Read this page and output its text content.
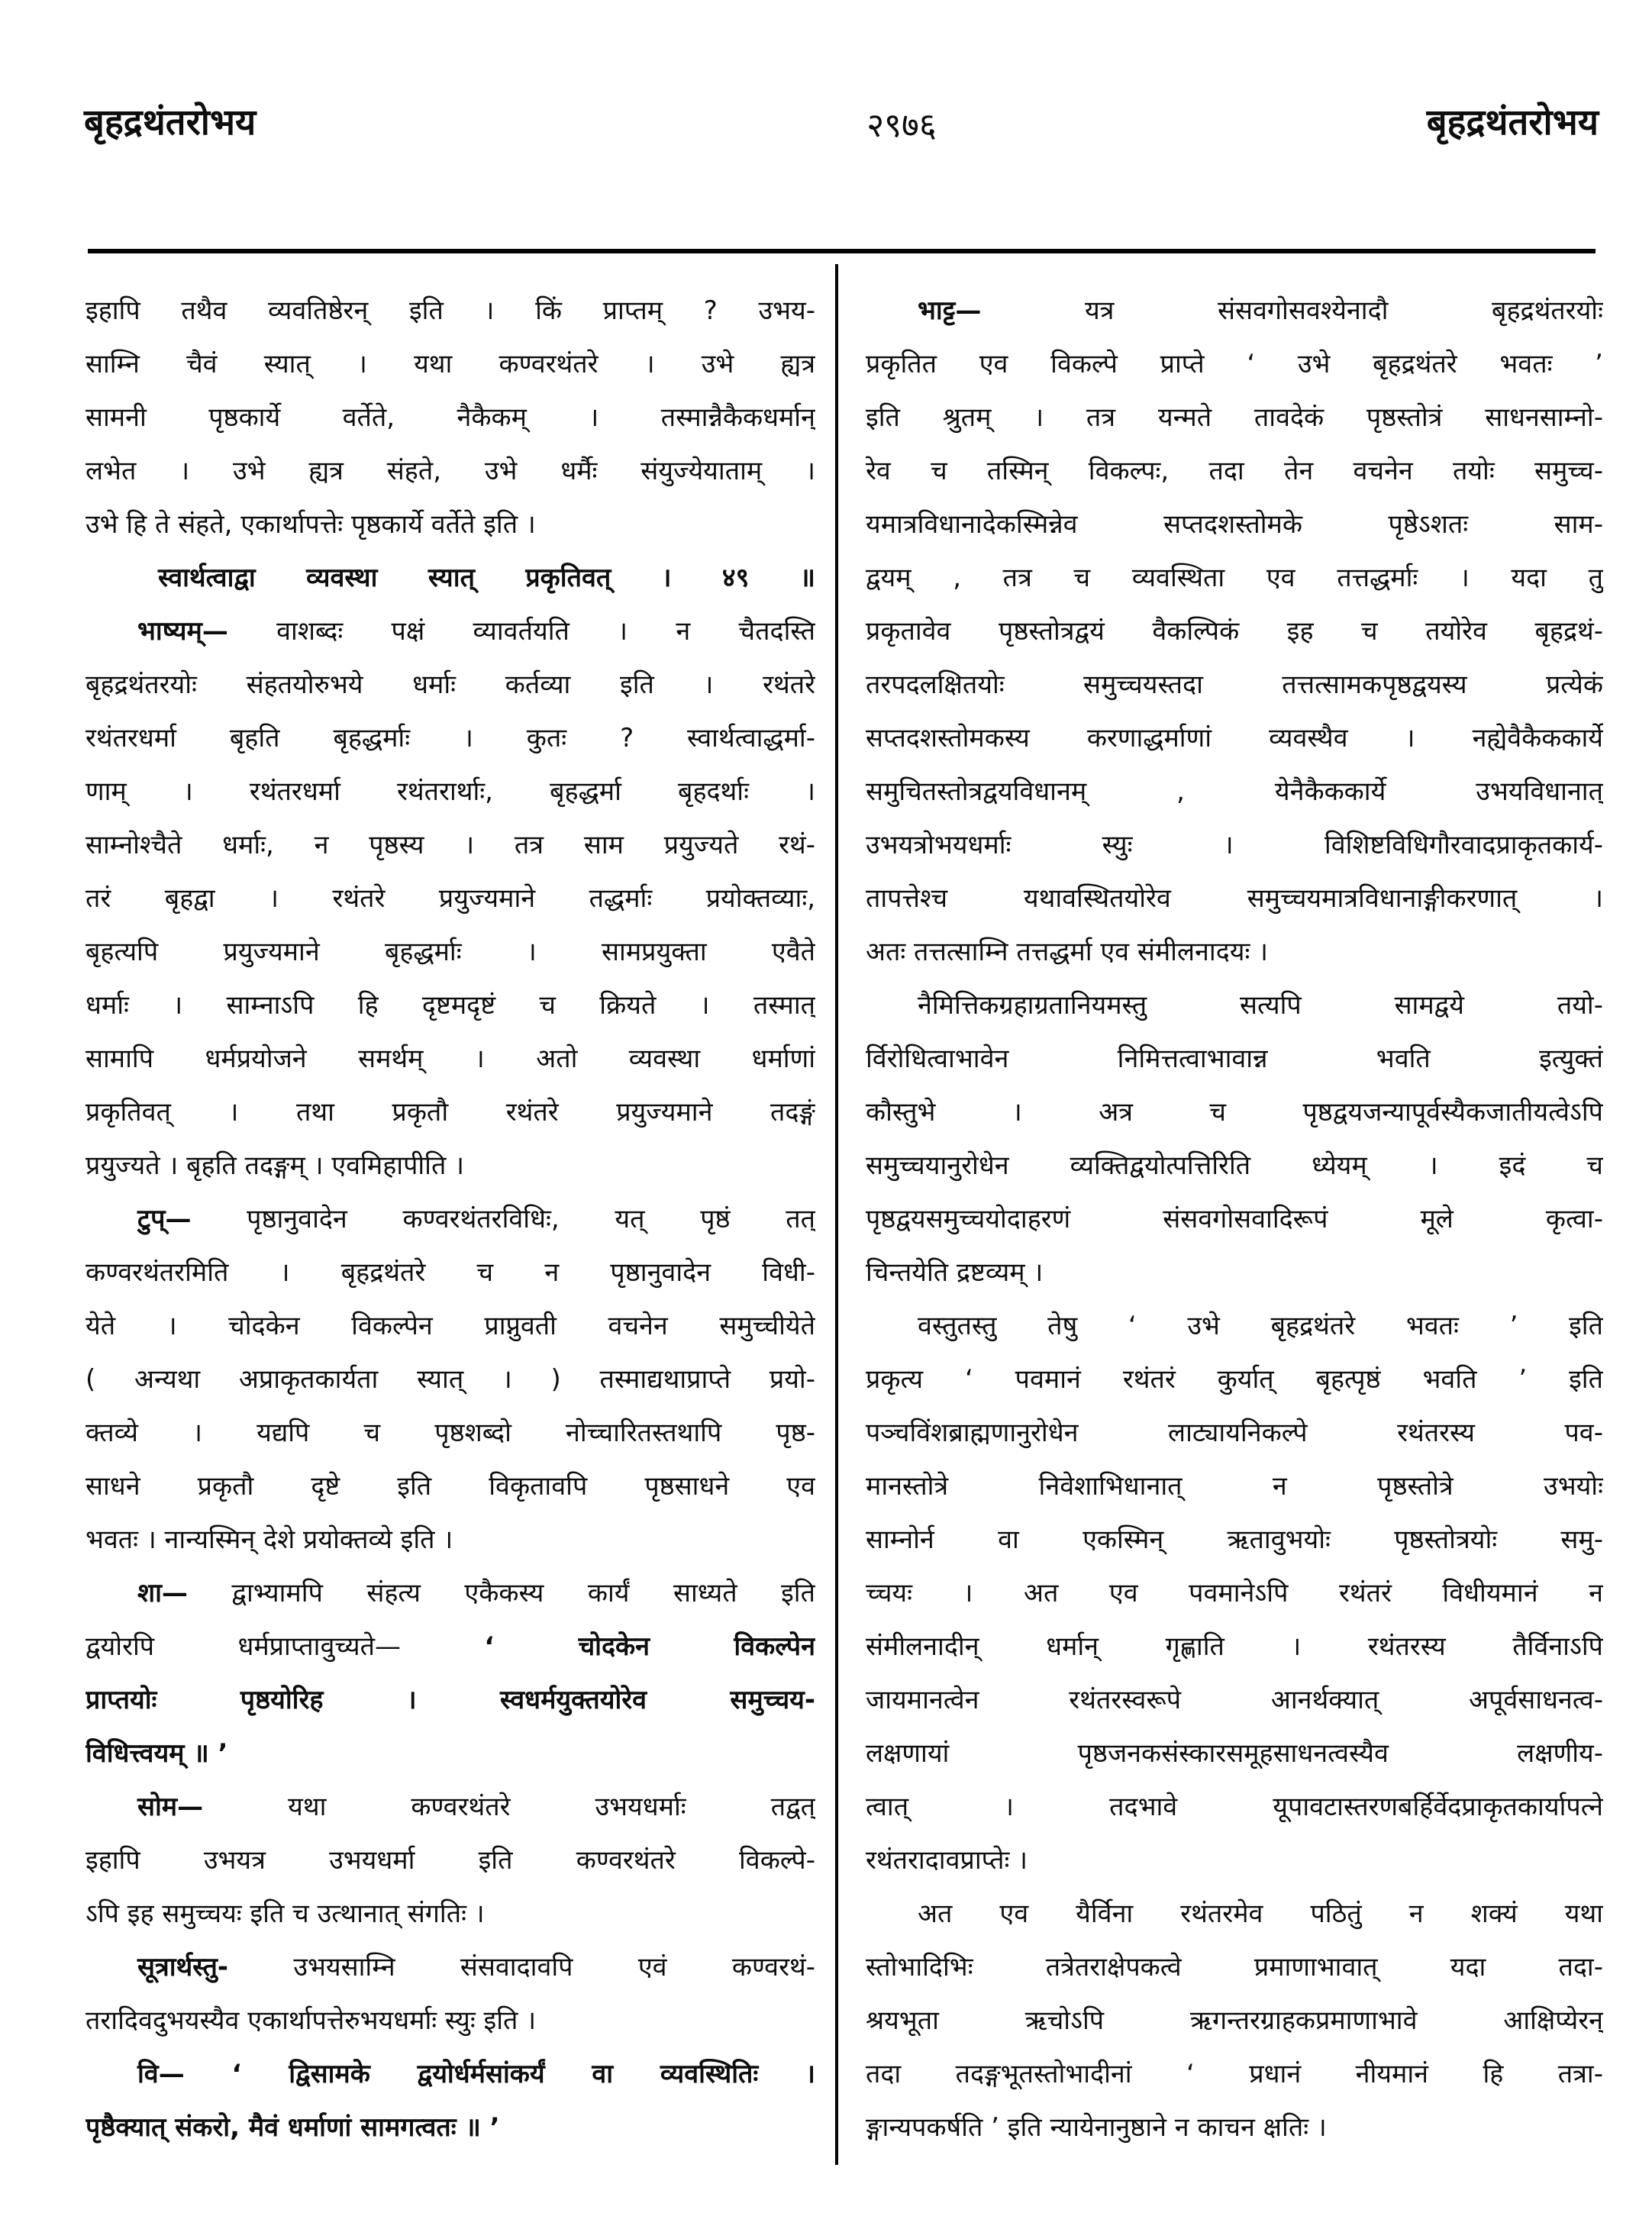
बृहद्रथंतरोभय	२९७६	बृहद्रथंतरोभय
इहापि तथैव व्यवतिष्ठेरन् इति । किं प्राप्तम् ? उभय-
साम्नि चैवं स्यात् । यथा कण्वरथंतरे । उभे ह्यत्र
सामनी पृष्ठकार्ये वर्तेते, नैकैकम् । तस्मान्नैकैकधर्मान्
लभेत । उभे ह्यत्र संहते, उभे धर्मैः संयुज्येयाताम् ।
उभे हि ते संहते, एकार्थापत्तेः पृष्ठकार्ये वर्तेते इति ।
स्वार्थत्वाद्वा व्यवस्था स्यात् प्रकृतिवत् । ४९ ॥
भाष्यम्— वाशब्दः पक्षं व्यावर्तयति । न चैतदस्ति
बृहद्रथंतरयोः संहतयोरुभये धर्माः कर्तव्या इति । रथंतरे
रथंतरधर्मा बृहति बृहद्धर्माः । कुतः ? स्वार्थत्वाद्धर्मा-
णाम् । रथंतरधर्मा रथंतरार्थाः, बृहद्धर्मा बृहदर्थाः ।
साम्नोश्चैते धर्माः, न पृष्ठस्य । तत्र साम प्रयुज्यते रथं-
तरं बृहद्वा । रथंतरे प्रयुज्यमाने तद्धर्माः प्रयोक्तव्याः,
बृहत्यपि प्रयुज्यमाने बृहद्धर्माः । सामप्रयुक्ता एवैते
धर्माः । साम्नाऽपि हि दृष्टमदृष्टं च क्रियते । तस्मात्
सामापि धर्मप्रयोजने समर्थम् । अतो व्यवस्था धर्माणां
प्रकृतिवत् । तथा प्रकृतौ रथंतरे प्रयुज्यमाने तदङ्गं
प्रयुज्यते । बृहति तदङ्गम् । एवमिहापीति ।
टुप्— पृष्ठानुवादेन कण्वरथंतरविधिः, यत् पृष्ठं तत्
कण्वरथंतरमिति । बृहद्रथंतरे च न पृष्ठानुवादेन विधी-
येते । चोदकेन विकल्पेन प्राप्नुवती वचनेन समुच्चीयेते
( अन्यथा अप्राकृतकार्यता स्यात् । ) तस्माद्यथाप्राप्ते प्रयो-
क्तव्ये । यद्यपि च पृष्ठशब्दो नोच्चारितस्तथापि पृष्ठ-
साधने प्रकृतौ दृष्टे इति विकृतावपि पृष्ठसाधने एव
भवतः । नान्यस्मिन् देशे प्रयोक्तव्ये इति ।
शा— द्वाभ्यामपि संहत्य एकैकस्य कार्यं साध्यते इति
द्वयोरपि धर्मप्राप्तावुच्यते— ‘ चोदकेन विकल्पेन
प्राप्तयोः पृष्ठयोरिह । स्वधर्मयुक्तयोरेव समुच्चय-
विधित्त्वयम् ॥ ’
सोम— यथा कण्वरथंतरे उभयधर्माः तद्वत्
इहापि उभयत्र उभयधर्मा इति कण्वरथंतरे विकल्पे-
ऽपि इह समुच्चयः इति च उत्थानात् संगतिः ।
सूत्रार्थस्तु- उभयसाम्नि संसवादावपि एवं कण्वरथं-
तरादिवदुभयस्यैव एकार्थापत्तेरुभयधर्माः स्युः इति ।
वि— ‘ द्विसामके द्वयोर्धर्मसांकर्यं वा व्यवस्थितिः ।
पृष्ठैक्यात् संकरो, मैवं धर्माणां सामगत्वतः ॥ ’
भाट्ट— यत्र संसवगोसवश्येनादौ बृहद्रथंतरयोः
प्रकृतित एव विकल्पे प्राप्ते ‘ उभे बृहद्रथंतरे भवतः ’
इति श्रुतम् । तत्र यन्मते तावदेकं पृष्ठस्तोत्रं साधनसाम्नो-
रेव च तस्मिन् विकल्पः, तदा तेन वचनेन तयोः समुच्च-
यमात्रविधानादेकस्मिन्नेव सप्तदशस्तोमके पृष्ठेऽशतः साम-
द्वयम् , तत्र च व्यवस्थिता एव तत्तद्धर्माः । यदा तु
प्रकृतावेव पृष्ठस्तोत्रद्वयं वैकल्पिकं इह च तयोरेव बृहद्रथं-
तरपदलक्षितयोः समुच्चयस्तदा तत्तत्सामकपृष्ठद्वयस्य प्रत्येकं
सप्तदशस्तोमकस्य करणाद्धर्माणां व्यवस्थैव । नह्येवैकैककार्ये
समुचितस्तोत्रद्वयविधानम् , येनैकैककार्ये उभयविधानात्
उभयत्रोभयधर्माः स्युः । विशिष्टविधिगौरवादप्राकृतकार्य-
तापत्तेश्च यथावस्थितयोरेव समुच्चयमात्रविधानाङ्गीकरणात् ।
अतः तत्तत्साम्नि तत्तद्धर्मा एव संमीलनादयः ।
नैमित्तिकग्रहाग्रतानियमस्तु सत्यपि सामद्वये तयो-
र्विरोधित्वाभावेन निमित्तत्वाभावान्न भवति इत्युक्तं
कौस्तुभे । अत्र च पृष्ठद्वयजन्यापूर्वस्यैकजातीयत्वेऽपि
समुच्चयानुरोधेन व्यक्तिद्वयोत्पत्तिरिति ध्येयम् । इदं च
पृष्ठद्वयसमुच्चयोदाहरणं संसवगोसवादिरूपं मूले कृत्वा-
चिन्तयेति द्रष्टव्यम् ।
वस्तुतस्तु तेषु ‘ उभे बृहद्रथंतरे भवतः ’ इति
प्रकृत्य ‘ पवमानं रथंतरं कुर्यात् बृहत्पृष्ठं भवति ’ इति
पञ्चविंशब्राह्मणानुरोधेन लाट्यायनिकल्पे रथंतरस्य पव-
मानस्तोत्रे निवेशाभिधानात् न पृष्ठस्तोत्रे उभयोः
साम्नोर्न वा एकस्मिन् ऋतावुभयोः पृष्ठस्तोत्रयोः समु-
च्चयः । अत एव पवमानेऽपि रथंतरं विधीयमानं न
संमीलनादीन् धर्मान् गृह्णाति । रथंतरस्य तैर्विनाऽपि
जायमानत्वेन रथंतरस्वरूपे आनर्थक्यात् अपूर्वसाधनत्व-
लक्षणायां पृष्ठजनकसंस्कारसमूहसाधनत्वस्यैव लक्षणीय-
त्वात् । तदभावे यूपावटास्तरणबर्हिर्वेदप्राकृतकार्यापत्ने
रथंतरादावप्राप्तेः ।
अत एव यैर्विना रथंतरमेव पठितुं न शक्यं यथा
स्तोभादिभिः तत्रेतराक्षेपकत्वे प्रमाणाभावात् यदा तदा-
श्रयभूता ऋचोऽपि ऋगन्तरग्राहकप्रमाणाभावे आक्षिप्येरन्
तदा तदङ्गभूतस्तोभादीनां ‘ प्रधानं नीयमानं हि तत्रा-
ङ्गान्यपकर्षति ’ इति न्यायेनानुष्ठाने न काचन क्षतिः ।
